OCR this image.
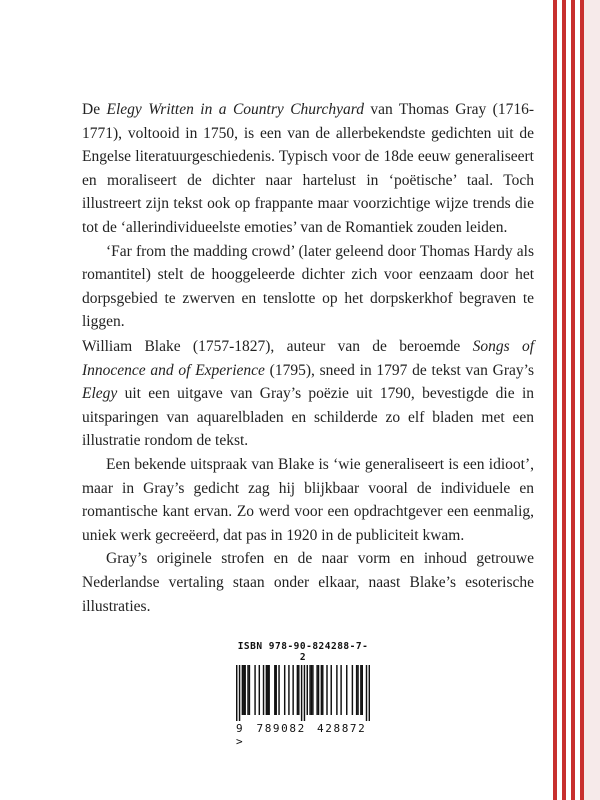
De Elegy Written in a Country Churchyard van Thomas Gray (1716-1771), voltooid in 1750, is een van de allerbekendste gedichten uit de Engelse literatuurgeschiedenis. Typisch voor de 18de eeuw generaliseert en moraliseert de dichter naar hartelust in ‘poëtische’ taal. Toch illustreert zijn tekst ook op frappante maar voorzichtige wijze trends die tot de ‘allerindividueelste emoties’ van de Romantiek zouden leiden.

‘Far from the madding crowd’ (later geleend door Thomas Hardy als romantitel) stelt de hooggeleerde dichter zich voor eenzaam door het dorpsgebied te zwerven en tenslotte op het dorpskerkhof begraven te liggen.

William Blake (1757-1827), auteur van de beroemde Songs of Innocence and of Experience (1795), sneed in 1797 de tekst van Gray’s Elegy uit een uitgave van Gray’s poëzie uit 1790, bevestigde die in uitsparingen van aquarelbladen en schilderde zo elf bladen met een illustratie rondom de tekst.

Een bekende uitspraak van Blake is ‘wie generaliseert is een idioot’, maar in Gray’s gedicht zag hij blijkbaar vooral de individuele en romantische kant ervan. Zo werd voor een opdrachtgever een eenmalig, uniek werk gecreëerd, dat pas in 1920 in de publiciteit kwam.

Gray’s originele strofen en de naar vorm en inhoud getrouwe Nederlandse vertaling staan onder elkaar, naast Blake’s esoterische illustraties.

ISBN 978-90-824288-7-2
9 789082 428872 >
